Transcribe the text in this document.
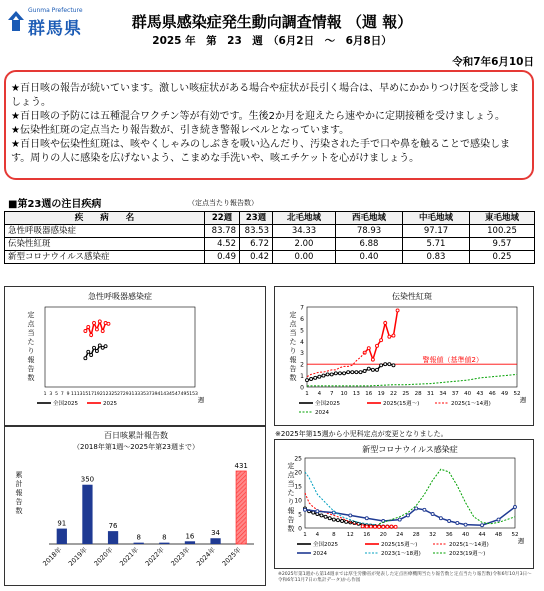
Gunma Prefecture
群馬県	群馬県感染症発生動向調査情報 （週 報）
2025 年　第　23　週　（6月2日　～　6月8日）
令和7年6月10日

★百日咳の報告が続いています。激しい咳症状がある場合や症状が長引く場合は、早めにかかりつけ医を受診しましょう。

★百日咳の予防には五種混合ワクチン等が有効です。生後2か月を迎えたら速やかに定期接種を受けましょう。

★伝染性紅斑の定点当たり報告数が、引き続き警報レベルとなっています。

★百日咳や伝染性紅斑は、咳やくしゃみのしぶきを吸い込んだり、汚染された手で口や鼻を触ることで感染します。周りの人に感染を広げないよう、こまめな手洗いや、咳エチケットを心がけましょう。

■第23週の注目疾病	（定点当たり報告数）
疾　　病　　名	22週	23週	北毛地域	西毛地域	中毛地域	東毛地域
急性呼吸器感染症	83.78	83.53	34.33	78.93	97.17	100.25
伝染性紅斑	4.52	6.72	2.00	6.88	5.71	9.57
新型コロナウイルス感染症	0.49	0.42	0.00	0.40	0.83	0.25
急性呼吸器感染症
1 3 5 7 9 11 13 15 17 19 21 23 25 27 29 31 33 35 37 39 41 43 45 47 49 51 53
週
定
点
当
た
り
報
告
数
全国2025	2025
伝染性紅斑
0
1
2
3
4
5
6
7
1 4 7 10 13 16 19 22 25 28 31 34 37 40 43 46 49 52
週
定
点
当
た
り
報
告
数
警報値（基準値2）
全国2025	2025(15週～)	2025(1～14週)
2024
百日咳累計報告数
（2018年第1週～2025年第23週まで）
累
計
報
告
数
91
2018年
350
2019年
76
2020年
8
2021年
8
2022年
16
2023年
34
2024年
431
2025年
※2025年第15週から小児科定点が変更となりました。
新型コロナウイルス感染症
0
5
10
15
20
25
1 4 8 12 16 20 24 28 32 36 40 44 48 52
週
定
点
当
た
り
報
告
数
全国2025	2025(15週～)	2025(1～14週)
2024	2023(1～18週)	2023(19週～)
※2025年第1週から第14週までは厚生労働省が発表した定点医療機関当たり報告数と定点当たり報告数(令和6年10月3日～令和6年11月7日の集計データ)から作図
